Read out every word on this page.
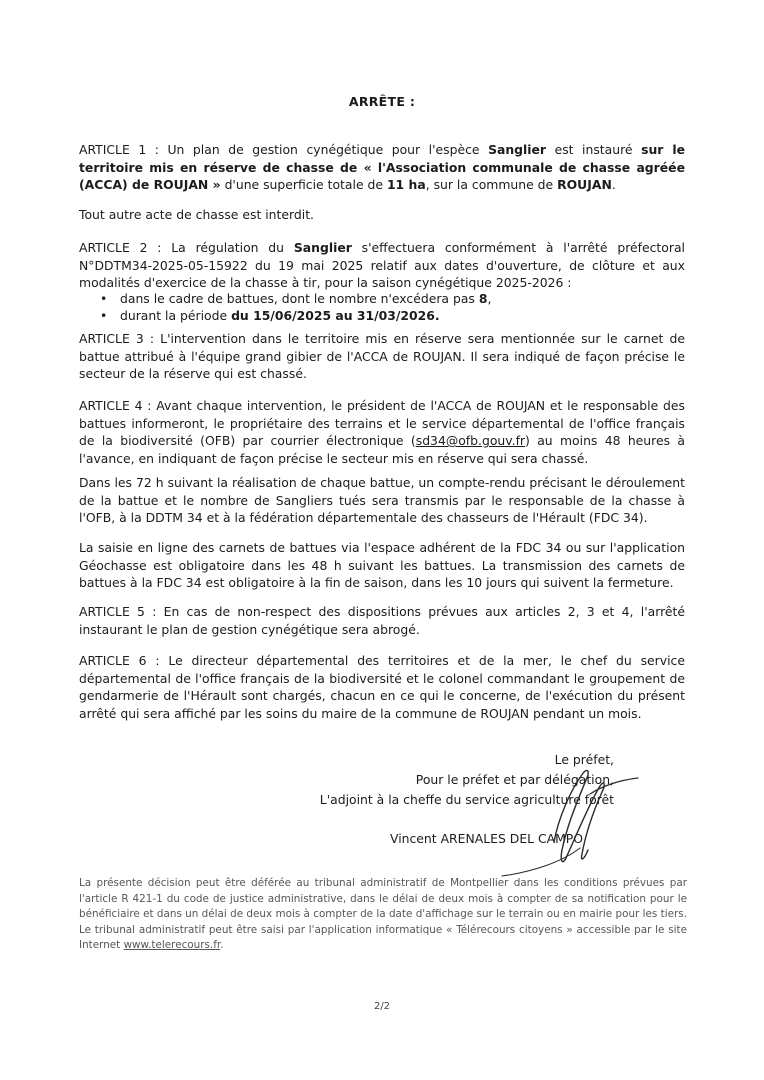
ARRÊTE :

ARTICLE 1 : Un plan de gestion cynégétique pour l'espèce Sanglier est instauré sur le territoire mis en réserve de chasse de « l'Association communale de chasse agréée (ACCA) de ROUJAN » d'une superficie totale de 11 ha, sur la commune de ROUJAN.

Tout autre acte de chasse est interdit.

ARTICLE 2 : La régulation du Sanglier s'effectuera conformément à l'arrêté préfectoral N°DDTM34-2025-05-15922 du 19 mai 2025 relatif aux dates d'ouverture, de clôture et aux modalités d'exercice de la chasse à tir, pour la saison cynégétique 2025-2026 :

• dans le cadre de battues, dont le nombre n'excédera pas 8,
• durant la période du 15/06/2025 au 31/03/2026.

ARTICLE 3 : L'intervention dans le territoire mis en réserve sera mentionnée sur le carnet de battue attribué à l'équipe grand gibier de l'ACCA de ROUJAN. Il sera indiqué de façon précise le secteur de la réserve qui est chassé.

ARTICLE 4 : Avant chaque intervention, le président de l'ACCA de ROUJAN et le responsable des battues informeront, le propriétaire des terrains et le service départemental de l'office français de la biodiversité (OFB) par courrier électronique (sd34@ofb.gouv.fr) au moins 48 heures à l'avance, en indiquant de façon précise le secteur mis en réserve qui sera chassé.

Dans les 72 h suivant la réalisation de chaque battue, un compte-rendu précisant le déroulement de la battue et le nombre de Sangliers tués sera transmis par le responsable de la chasse à l'OFB, à la DDTM 34 et à la fédération départementale des chasseurs de l'Hérault (FDC 34).

La saisie en ligne des carnets de battues via l'espace adhérent de la FDC 34 ou sur l'application Géochasse est obligatoire dans les 48 h suivant les battues. La transmission des carnets de battues à la FDC 34 est obligatoire à la fin de saison, dans les 10 jours qui suivent la fermeture.

ARTICLE 5 : En cas de non-respect des dispositions prévues aux articles 2, 3 et 4, l'arrêté instaurant le plan de gestion cynégétique sera abrogé.

ARTICLE 6 : Le directeur départemental des territoires et de la mer, le chef du service départemental de l'office français de la biodiversité et le colonel commandant le groupement de gendarmerie de l'Hérault sont chargés, chacun en ce qui le concerne, de l'exécution du présent arrêté qui sera affiché par les soins du maire de la commune de ROUJAN pendant un mois.

Le préfet,
Pour le préfet et par délégation,
L'adjoint à la cheffe du service agriculture forêt
Vincent ARENALES DEL CAMPO

La présente décision peut être déférée au tribunal administratif de Montpellier dans les conditions prévues par l'article R 421-1 du code de justice administrative, dans le délai de deux mois à compter de sa notification pour le bénéficiaire et dans un délai de deux mois à compter de la date d'affichage sur le terrain ou en mairie pour les tiers. Le tribunal administratif peut être saisi par l'application informatique « Télérecours citoyens » accessible par le site Internet www.telerecours.fr.

2/2
